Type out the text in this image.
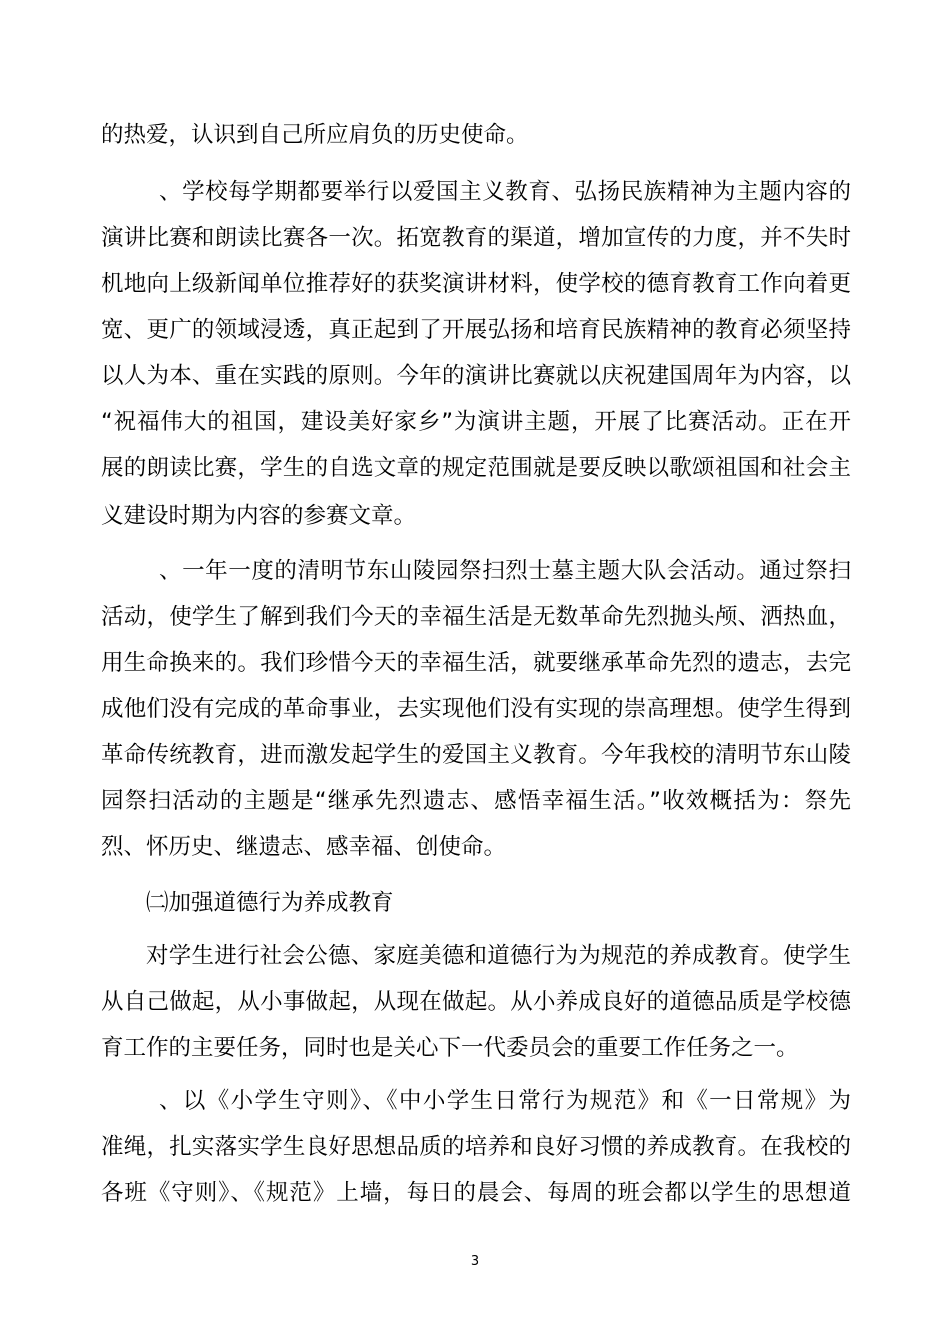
的热爱，认识到自己所应肩负的历史使命。
、学校每学期都要举行以爱国主义教育、弘扬民族精神为主题内容的
演讲比赛和朗读比赛各一次。拓宽教育的渠道，增加宣传的力度，并不失时
机地向上级新闻单位推荐好的获奖演讲材料，使学校的德育教育工作向着更
宽、更广的领域浸透，真正起到了开展弘扬和培育民族精神的教育必须坚持
以人为本、重在实践的原则。今年的演讲比赛就以庆祝建国周年为内容，以
“祝福伟大的祖国，建设美好家乡”为演讲主题，开展了比赛活动。正在开
展的朗读比赛，学生的自选文章的规定范围就是要反映以歌颂祖国和社会主
义建设时期为内容的参赛文章。
、一年一度的清明节东山陵园祭扫烈士墓主题大队会活动。通过祭扫
活动，使学生了解到我们今天的幸福生活是无数革命先烈抛头颅、洒热血，
用生命换来的。我们珍惜今天的幸福生活，就要继承革命先烈的遗志，去完
成他们没有完成的革命事业，去实现他们没有实现的崇高理想。使学生得到
革命传统教育，进而激发起学生的爱国主义教育。今年我校的清明节东山陵
园祭扫活动的主题是“继承先烈遗志、感悟幸福生活。”收效概括为：祭先
烈、怀历史、继遗志、感幸福、创使命。
㈡加强道德行为养成教育
对学生进行社会公德、家庭美德和道德行为为规范的养成教育。使学生
从自己做起，从小事做起，从现在做起。从小养成良好的道德品质是学校德
育工作的主要任务，同时也是关心下一代委员会的重要工作任务之一。
、以《小学生守则》、《中小学生日常行为规范》和《一日常规》为
准绳，扎实落实学生良好思想品质的培养和良好习惯的养成教育。在我校的
各班《守则》、《规范》上墙，每日的晨会、每周的班会都以学生的思想道
3
